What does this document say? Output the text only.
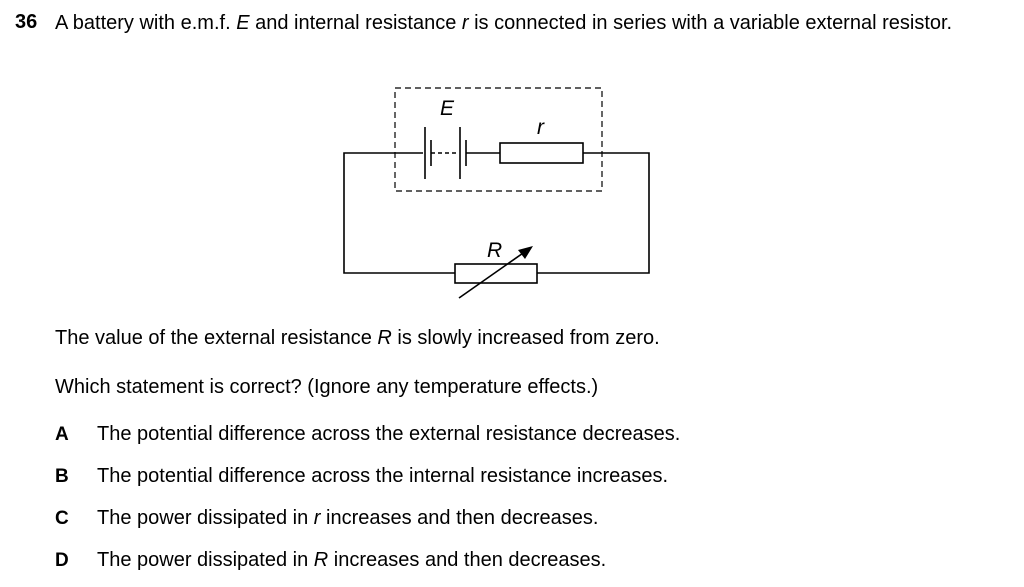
36 A battery with e.m.f. E and internal resistance r is connected in series with a variable external resistor.
E
r
R
The value of the external resistance R is slowly increased from zero.
Which statement is correct? (Ignore any temperature effects.)
A The potential difference across the external resistance decreases.
B The potential difference across the internal resistance increases.
C The power dissipated in r increases and then decreases.
D The power dissipated in R increases and then decreases.
